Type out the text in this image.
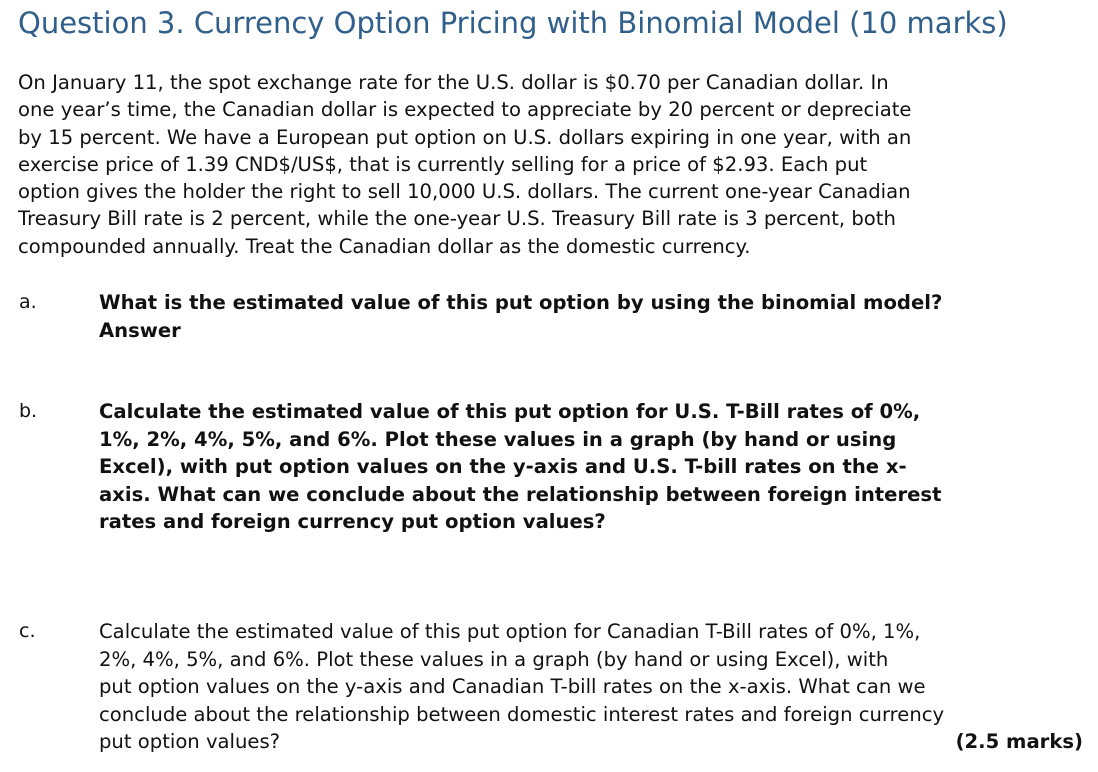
Question 3. Currency Option Pricing with Binomial Model (10 marks)
On January 11, the spot exchange rate for the U.S. dollar is $0.70 per Canadian dollar. In
one year’s time, the Canadian dollar is expected to appreciate by 20 percent or depreciate
by 15 percent. We have a European put option on U.S. dollars expiring in one year, with an
exercise price of 1.39 CND$/US$, that is currently selling for a price of $2.93. Each put
option gives the holder the right to sell 10,000 U.S. dollars. The current one-year Canadian
Treasury Bill rate is 2 percent, while the one-year U.S. Treasury Bill rate is 3 percent, both
compounded annually. Treat the Canadian dollar as the domestic currency.
a.	What is the estimated value of this put option by using the binomial model?
Answer
b.	Calculate the estimated value of this put option for U.S. T-Bill rates of 0%,
1%, 2%, 4%, 5%, and 6%. Plot these values in a graph (by hand or using
Excel), with put option values on the y-axis and U.S. T-bill rates on the x-
axis. What can we conclude about the relationship between foreign interest
rates and foreign currency put option values?
c.	Calculate the estimated value of this put option for Canadian T-Bill rates of 0%, 1%,
2%, 4%, 5%, and 6%. Plot these values in a graph (by hand or using Excel), with
put option values on the y-axis and Canadian T-bill rates on the x-axis. What can we
conclude about the relationship between domestic interest rates and foreign currency
put option values?	(2.5 marks)
